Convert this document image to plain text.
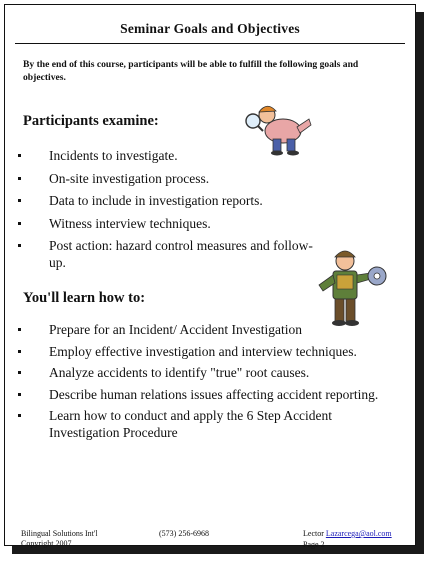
Seminar Goals and Objectives
By the end of this course, participants will be able to fulfill the following goals and objectives.
Participants examine:
Incidents to investigate.
On-site investigation process.
Data to include in investigation reports.
Witness interview techniques.
Post action: hazard control measures and follow-up.
You'll learn how to:
Prepare for an Incident/ Accident Investigation
Employ effective investigation and interview techniques.
Analyze accidents to identify "true" root causes.
Describe human relations issues affecting accident reporting.
Learn how to conduct and apply the 6 Step Accident Investigation Procedure
Bilingual Solutions Int'l
Copyright 2007
(573) 256-6968	Lector Lazarcega@aol.com
Page 2
